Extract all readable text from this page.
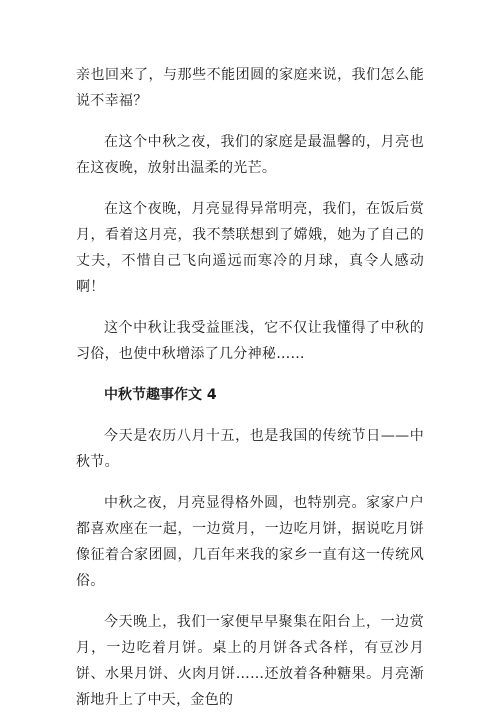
亲也回来了，与那些不能团圆的家庭来说，我们怎么能说不幸福？

在这个中秋之夜，我们的家庭是最温馨的，月亮也在这夜晚，放射出温柔的光芒。

在这个夜晚，月亮显得异常明亮，我们，在饭后赏月，看着这月亮，我不禁联想到了嫦娥，她为了自己的丈夫，不惜自己飞向遥远而寒冷的月球，真令人感动啊！

这个中秋让我受益匪浅，它不仅让我懂得了中秋的习俗，也使中秋增添了几分神秘……

中秋节趣事作文 4

今天是农历八月十五，也是我国的传统节日——中秋节。

中秋之夜，月亮显得格外圆，也特别亮。家家户户都喜欢座在一起，一边赏月，一边吃月饼，据说吃月饼像征着合家团圆，几百年来我的家乡一直有这一传统风俗。

今天晚上，我们一家便早早聚集在阳台上，一边赏月，一边吃着月饼。桌上的月饼各式各样，有豆沙月饼、水果月饼、火肉月饼……还放着各种糖果。月亮渐渐地升上了中天，金色的
